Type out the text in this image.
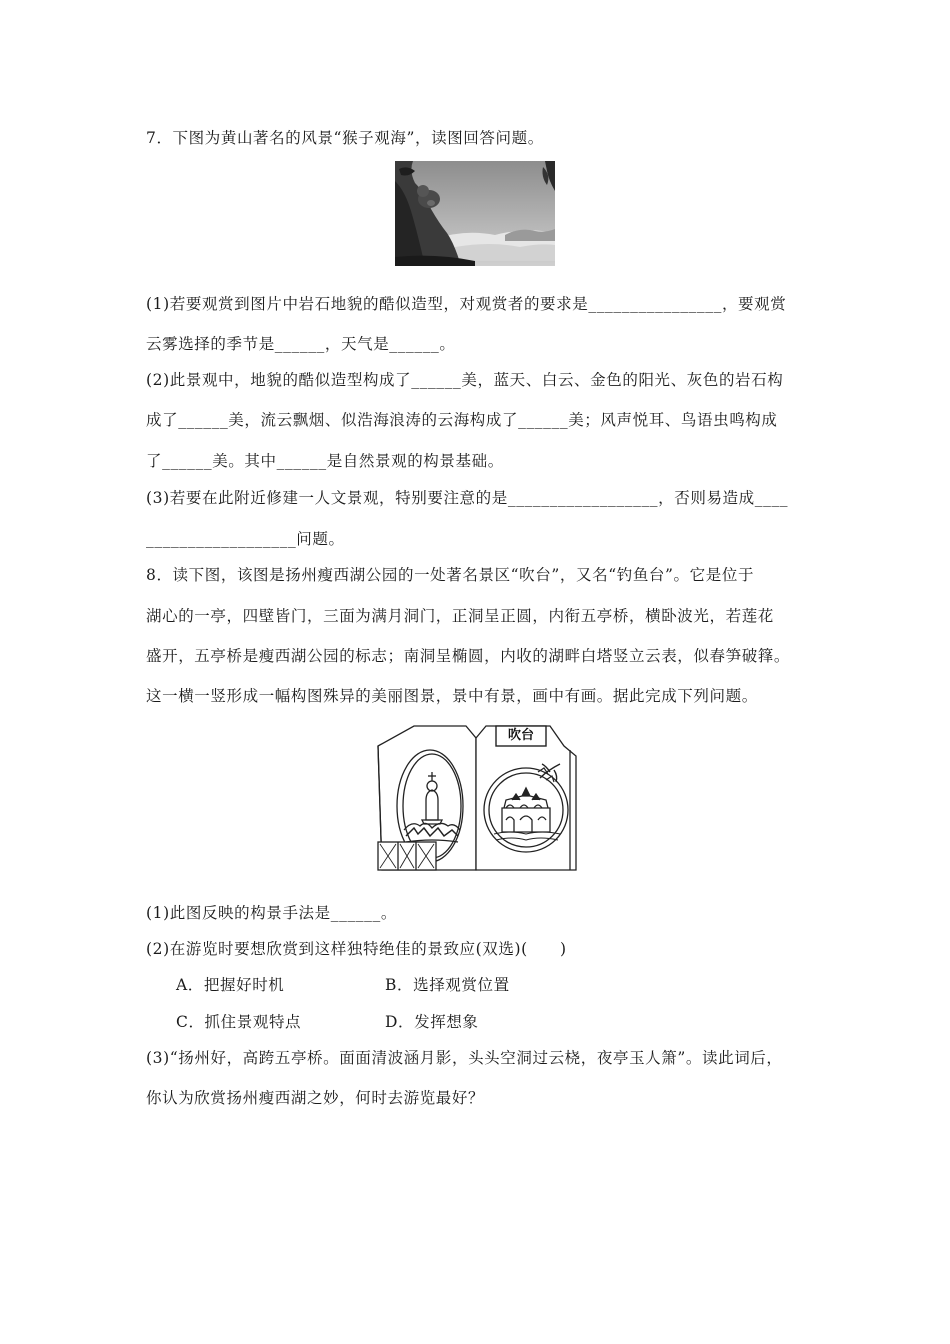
7．下图为黄山著名的风景“猴子观海”，读图回答问题。
(1)若要观赏到图片中岩石地貌的酷似造型，对观赏者的要求是________________，要观赏
云雾选择的季节是______，天气是______。
(2)此景观中，地貌的酷似造型构成了______美，蓝天、白云、金色的阳光、灰色的岩石构
成了______美，流云飘烟、似浩海浪涛的云海构成了______美；风声悦耳、鸟语虫鸣构成
了______美。其中______是自然景观的构景基础。
(3)若要在此附近修建一人文景观，特别要注意的是__________________，否则易造成____
__________________问题。
8．读下图，该图是扬州瘦西湖公园的一处著名景区“吹台”，又名“钓鱼台”。它是位于
湖心的一亭，四壁皆门，三面为满月洞门，正洞呈正圆，内衔五亭桥，横卧波光，若莲花
盛开，五亭桥是瘦西湖公园的标志；南洞呈椭圆，内收的湖畔白塔竖立云表，似春笋破箨。
这一横一竖形成一幅构图殊异的美丽图景，景中有景，画中有画。据此完成下列问题。
吹台
(1)此图反映的构景手法是______。
(2)在游览时要想欣赏到这样独特绝佳的景致应(双选)(　　)
A．把握好时机	B．选择观赏位置
C．抓住景观特点	D．发挥想象
(3)“扬州好，高跨五亭桥。面面清波涵月影，头头空洞过云桡，夜亭玉人箫”。读此词后，
你认为欣赏扬州瘦西湖之妙，何时去游览最好？
